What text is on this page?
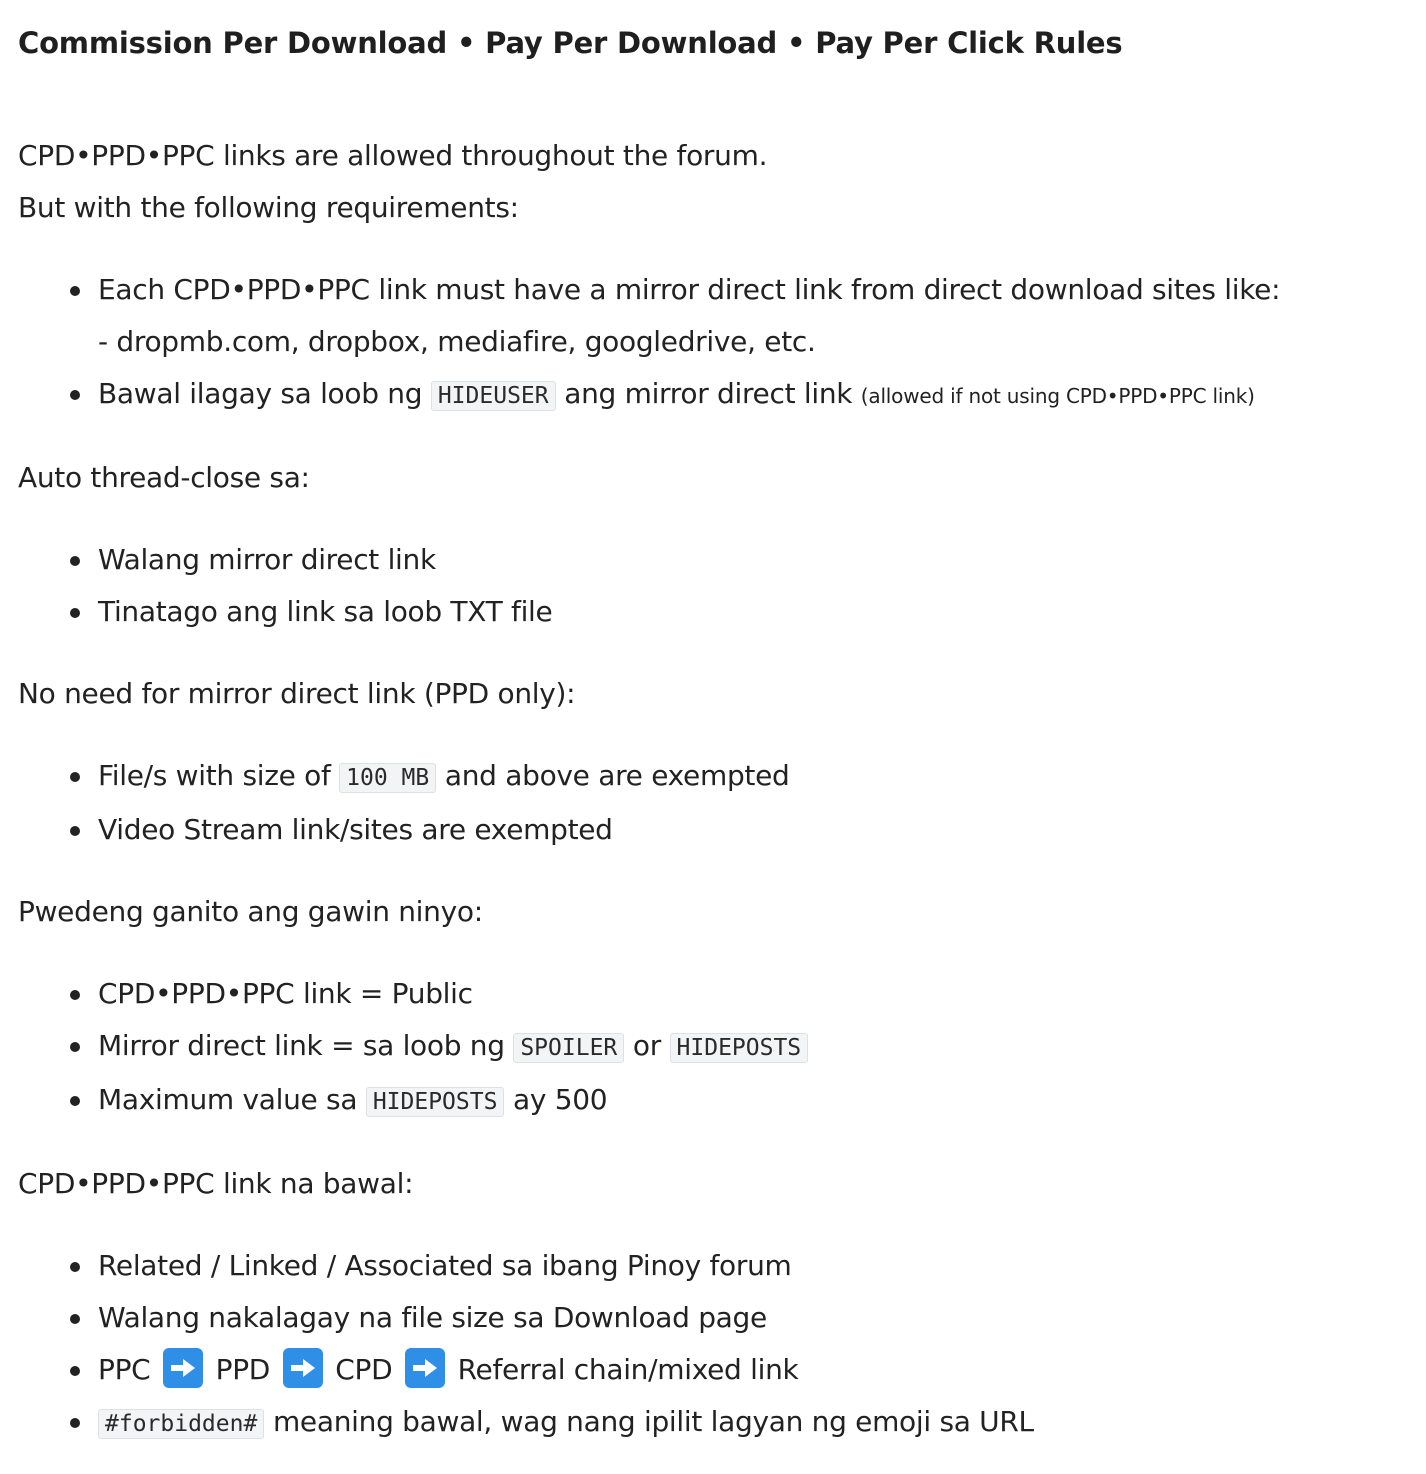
Commission Per Download • Pay Per Download • Pay Per Click Rules

CPD•PPD•PPC links are allowed throughout the forum.

But with the following requirements:

Each CPD•PPD•PPC link must have a mirror direct link from direct download sites like:
- dropmb.com, dropbox, mediafire, googledrive, etc.
Bawal ilagay sa loob ng HIDEUSER ang mirror direct link (allowed if not using CPD•PPD•PPC link)

Auto thread-close sa:

Walang mirror direct link
Tinatago ang link sa loob TXT file

No need for mirror direct link (PPD only):

File/s with size of 100 MB and above are exempted
Video Stream link/sites are exempted

Pwedeng ganito ang gawin ninyo:

CPD•PPD•PPC link = Public
Mirror direct link = sa loob ng SPOILER or HIDEPOSTS
Maximum value sa HIDEPOSTS ay 500

CPD•PPD•PPC link na bawal:

Related / Linked / Associated sa ibang Pinoy forum
Walang nakalagay na file size sa Download page
PPC PPD CPD Referral chain/mixed link
#forbidden# meaning bawal, wag nang ipilit lagyan ng emoji sa URL
